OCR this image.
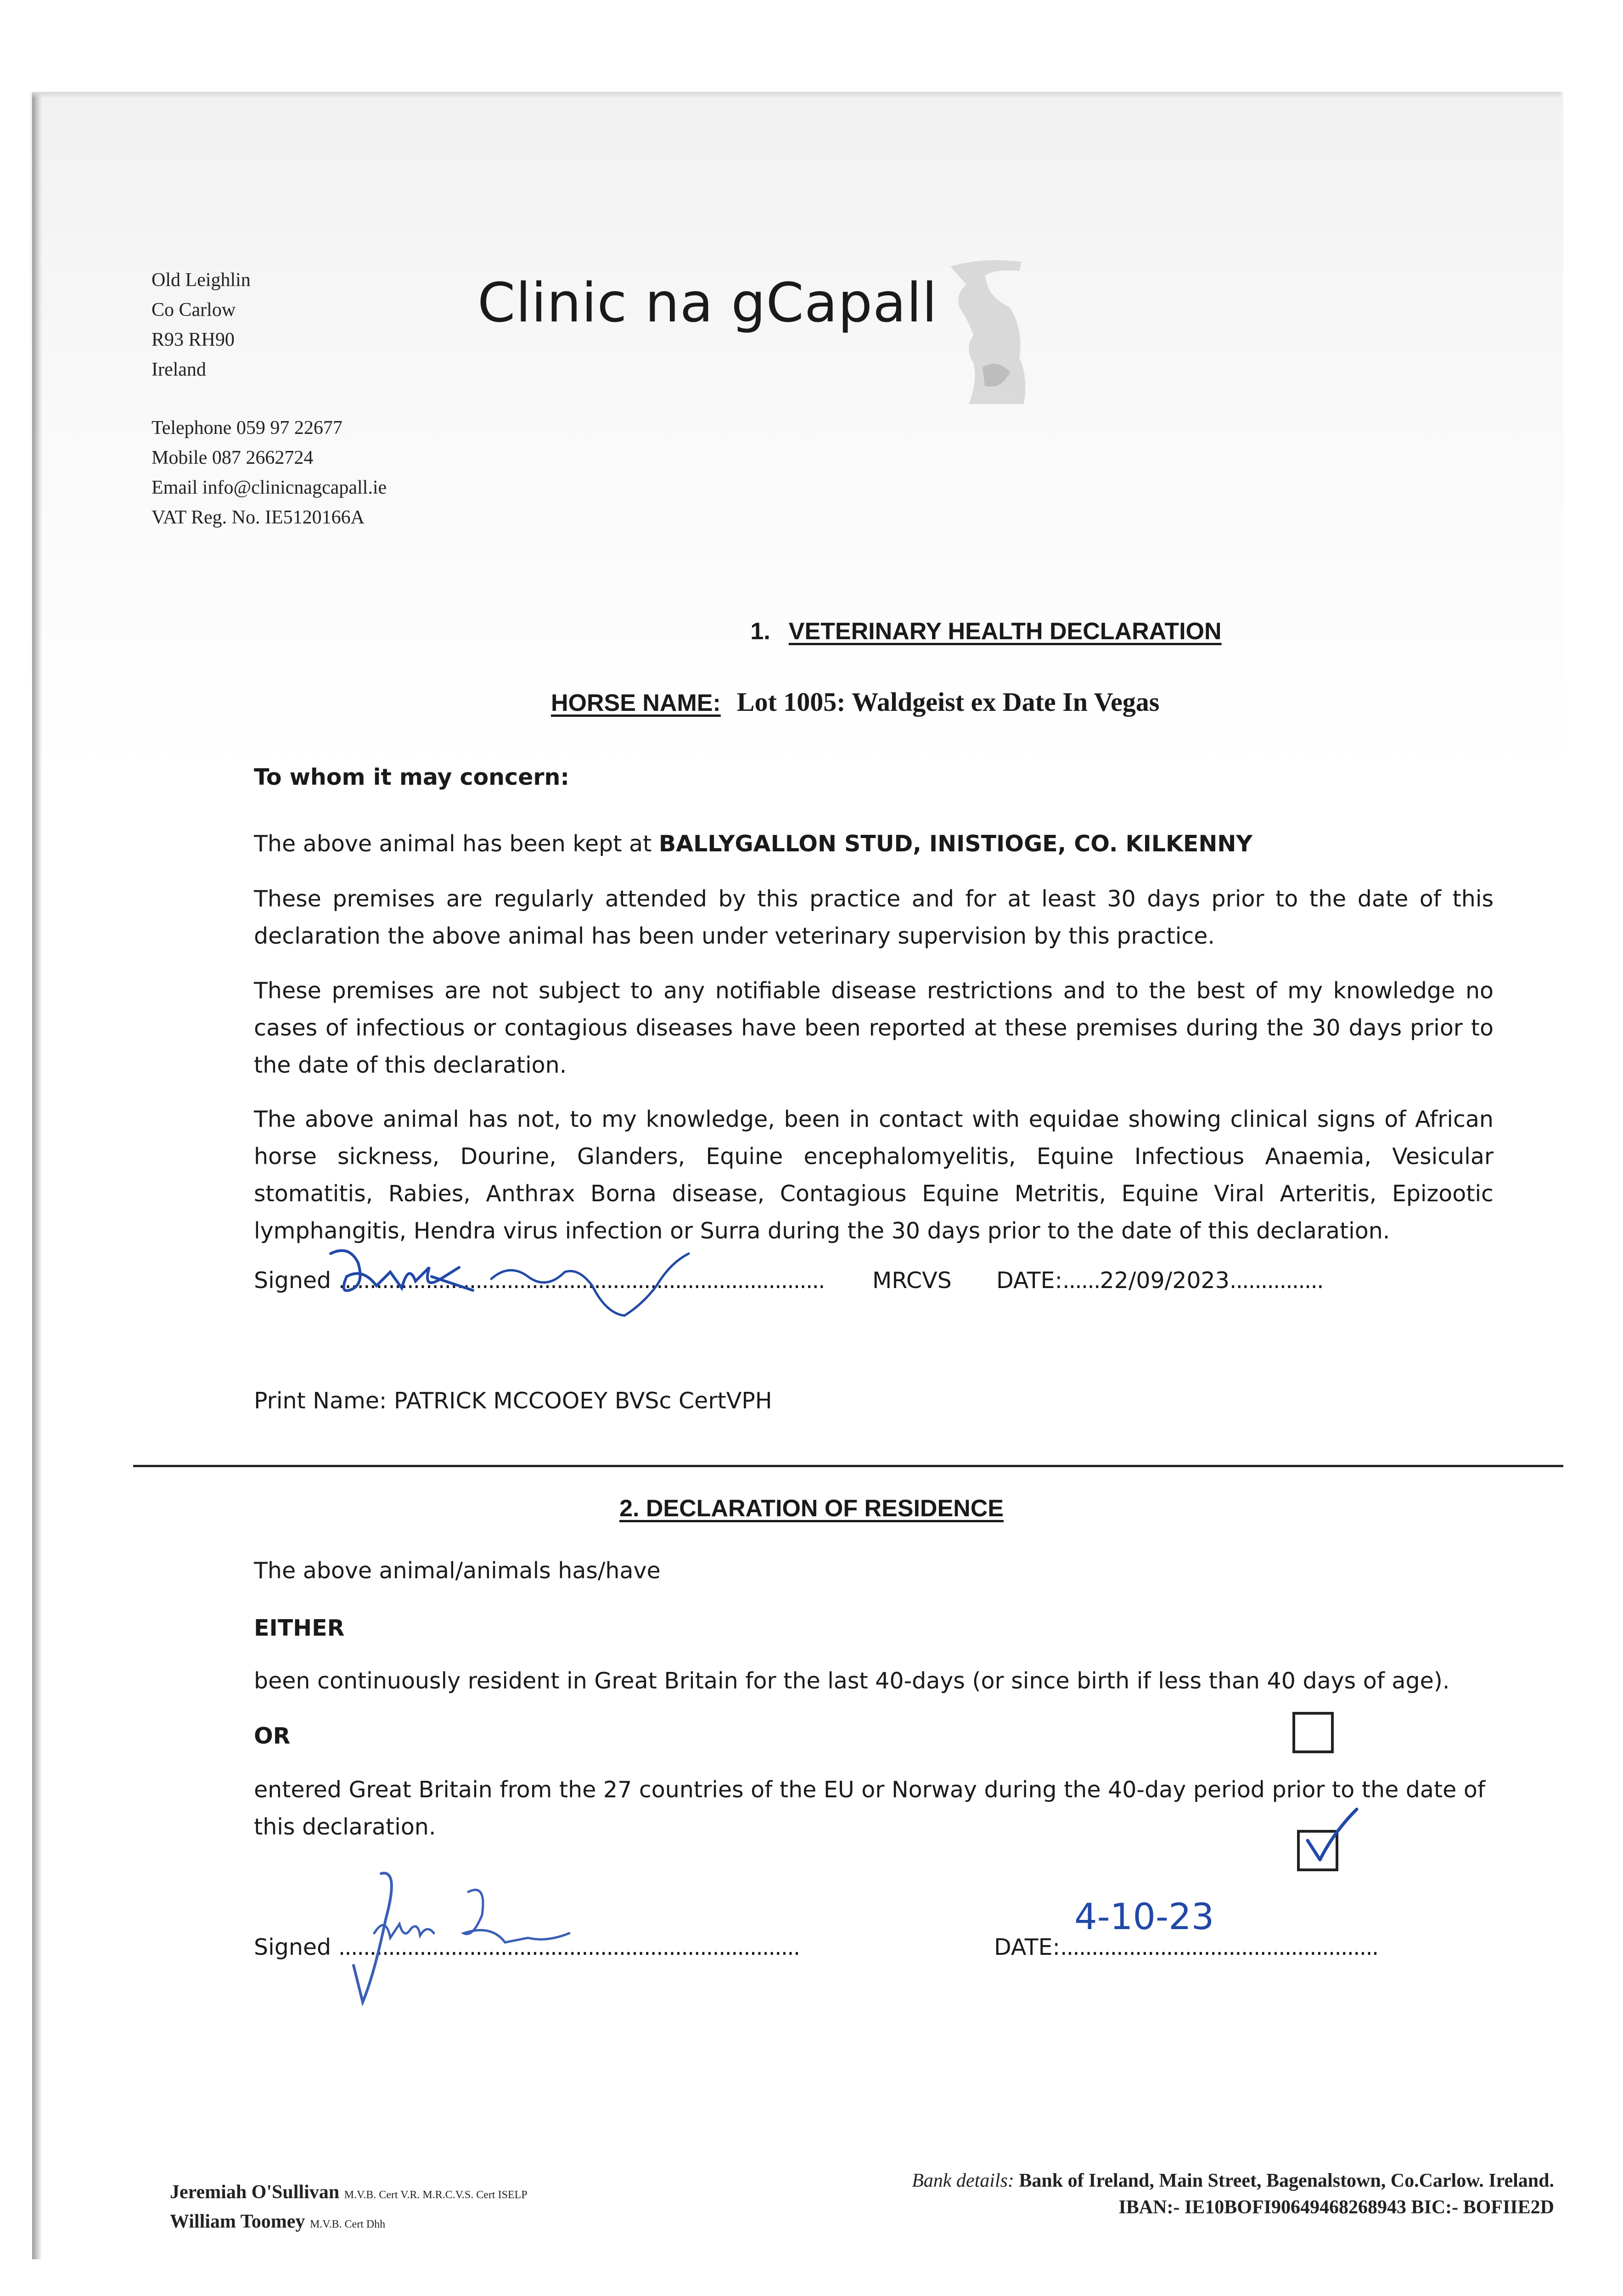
Old Leighlin
Co Carlow
R93 RH90
Ireland
Telephone 059 97 22677
Mobile 087 2662724
Email info@clinicnagcapall.ie
VAT Reg. No. IE5120166A
Clinic na gCapall
1. VETERINARY HEALTH DECLARATION
HORSE NAME: Lot 1005: Waldgeist ex Date In Vegas
To whom it may concern:
The above animal has been kept at BALLYGALLON STUD, INISTIOGE, CO. KILKENNY
These premises are regularly attended by this practice and for at least 30 days prior to the date of this declaration the above animal has been under veterinary supervision by this practice.
These premises are not subject to any notifiable disease restrictions and to the best of my knowledge no cases of infectious or contagious diseases have been reported at these premises during the 30 days prior to the date of this declaration.
The above animal has not, to my knowledge, been in contact with equidae showing clinical signs of African horse sickness, Dourine, Glanders, Equine encephalomyelitis, Equine Infectious Anaemia, Vesicular stomatitis, Rabies, Anthrax Borna disease, Contagious Equine Metritis, Equine Viral Arteritis, Epizootic lymphangitis, Hendra virus infection or Surra during the 30 days prior to the date of this declaration.
Signed .............................................................................. MRCVS DATE:......22/09/2023...............
Print Name: PATRICK MCCOOEY BVSc CertVPH
2. DECLARATION OF RESIDENCE
The above animal/animals has/have
EITHER
been continuously resident in Great Britain for the last 40-days (or since birth if less than 40 days of age).
OR
entered Great Britain from the 27 countries of the EU or Norway during the 40-day period prior to the date of this declaration.
Signed ..........................................................................	DATE:...................................................
4-10-23
Jeremiah O'Sullivan M.V.B. Cert V.R. M.R.C.V.S. Cert ISELP
William Toomey M.V.B. Cert Dhh
Bank details: Bank of Ireland, Main Street, Bagenalstown, Co.Carlow. Ireland.
IBAN:- IE10BOFI90649468268943 BIC:- BOFIIE2D
